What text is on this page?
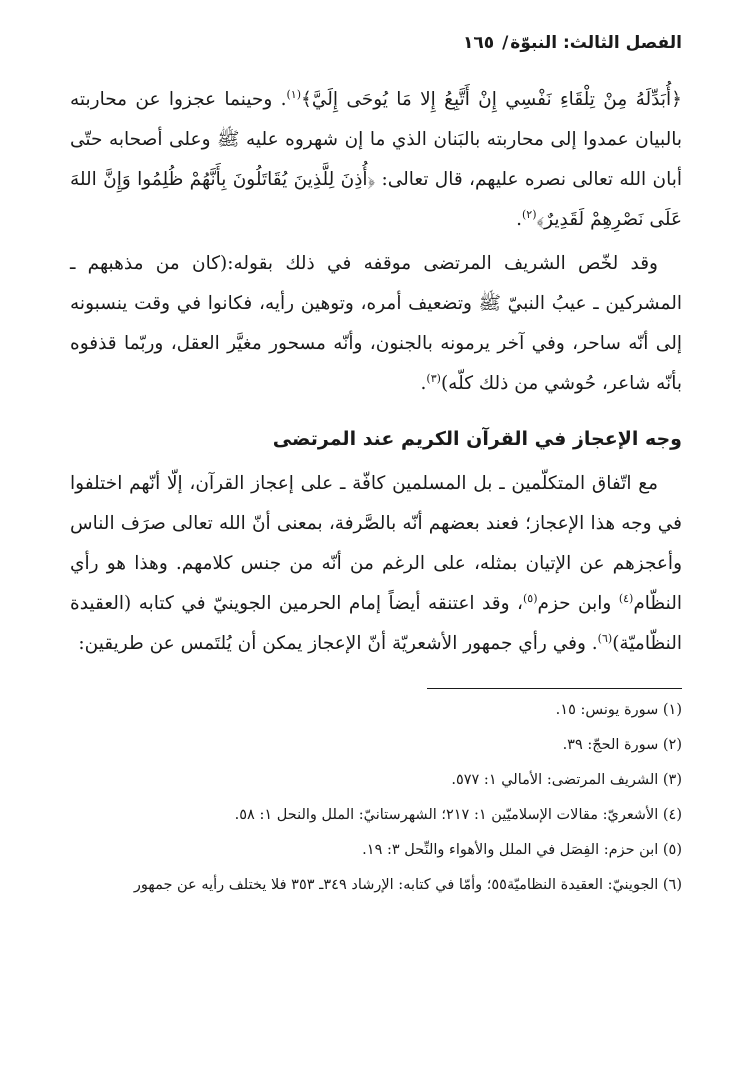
الفصل الثالث: النبوّة/ ١٦٥

﴿أُبَدِّلَهُ مِنْ تِلْقَاءِ نَفْسِي إِنْ أَتَّبِعُ إِلا مَا يُوحَى إِلَيَّ﴾$^{(١)}$. وحينما عجزوا عن محاربته بالبيان عمدوا إلى محاربته بالبَنان الذي ما إن شهروه عليه ﷺ وعلى أصحابه حتّى أبان الله تعالى نصره عليهم، قال تعالى: ﴿أُذِنَ لِلَّذِينَ يُقَاتَلُونَ بِأَنَّهُمْ ظُلِمُوا وَإِنَّ اللهَ عَلَى نَصْرِهِمْ لَقَدِيرٌ﴾$^{(٢)}$.

وقد لخّص الشريف المرتضى موقفه في ذلك بقوله:(كان من مذهبهم ـ المشركين ـ عيبُ النبيّ ﷺ وتضعيف أمره، وتوهين رأيه، فكانوا في وقت ينسبونه إلى أنّه ساحر، وفي آخر يرمونه بالجنون، وأنّه مسحور مغيَّر العقل، وربّما قذفوه بأنّه شاعر، حُوشي من ذلك كلّه)$^{(٣)}$.

وجه الإعجاز في القرآن الكريم عند المرتضى

مع اتّفاق المتكلّمين ـ بل المسلمين كافّة ـ على إعجاز القرآن، إلّا أنّهم اختلفوا في وجه هذا الإعجاز؛ فعند بعضهم أنّه بالصَّرفة، بمعنى أنّ الله تعالى صرَف الناس وأعجزهم عن الإتيان بمثله، على الرغم من أنّه من جنس كلامهم. وهذا هو رأي النظّام$^{(٤)}$ وابن حزم$^{(٥)}$، وقد اعتنقه أيضاً إمام الحرمين الجوينيّ في كتابه (العقيدة النظّاميّة)$^{(٦)}$. وفي رأي جمهور الأشعريّة أنّ الإعجاز يمكن أن يُلتَمس عن طريقين:

(١) سورة يونس: ١٥.
(٢) سورة الحجّ: ٣٩.
(٣) الشريف المرتضى: الأمالي ١: ٥٧٧.
(٤) الأشعريّ: مقالات الإسلاميّين ١: ٢١٧؛ الشهرستانيّ: الملل والنحل ١: ٥٨.
(٥) ابن حزم: الفِصَل في الملل والأهواء والنِّحل ٣: ١٩.
(٦) الجوينيّ: العقيدة النظاميّة٥٥؛ وأمّا في كتابه: الإرشاد ٣٤٩ـ ٣٥٣ فلا يختلف رأيه عن جمهور
